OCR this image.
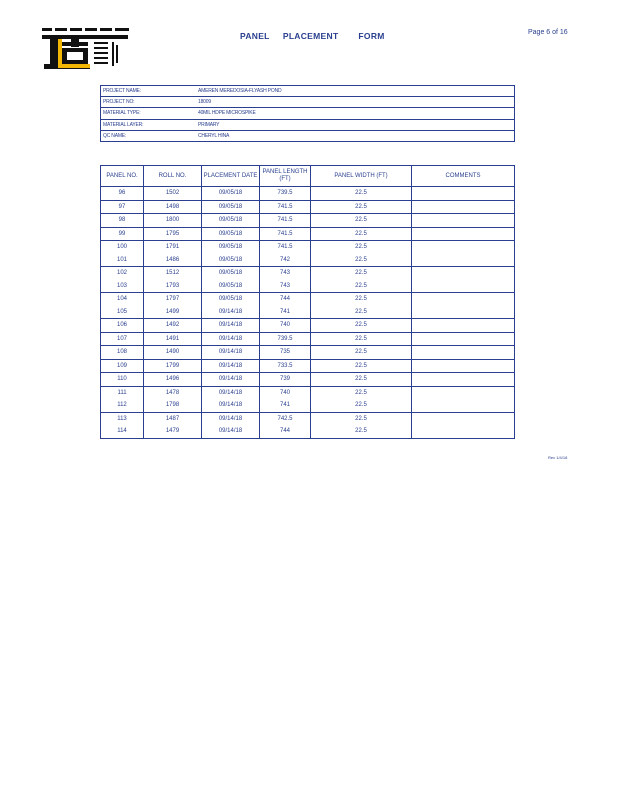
PANEL  PLACEMENT   FORM	Page 6 of 16
PROJECT NAME:	AMEREN MEREDOSIA-FLYASH POND
PROJECT NO:	18009
MATERIAL TYPE:	40MIL HDPE MICROSPIKE
MATERIAL LAYER:	PRIMARY
QC NAME:	CHERYL HINA
PANEL NO.	ROLL NO.	PLACEMENT DATE	PANEL LENGTH (FT)	PANEL WIDTH (FT)	COMMENTS
96	1502	09/05/18	739.5	22.5	
97	1498	09/05/18	741.5	22.5	
98	1800	09/05/18	741.5	22.5	
99	1795	09/05/18	741.5	22.5	
100	1791	09/05/18	741.5	22.5	
101	1486	09/05/18	742	22.5	
102	1512	09/05/18	743	22.5	
103	1793	09/05/18	743	22.5	
104	1797	09/05/18	744	22.5	
105	1499	09/14/18	741	22.5	
106	1492	09/14/18	740	22.5	
107	1491	09/14/18	739.5	22.5	
108	1490	09/14/18	735	22.5	
109	1799	09/14/18	733.5	22.5	
110	1496	09/14/18	739	22.5	
111	1478	09/14/18	740	22.5	
112	1798	09/14/18	741	22.5	
113	1487	09/14/18	742.5	22.5	
114	1479	09/14/18	744	22.5	
Rev 1/4/18
